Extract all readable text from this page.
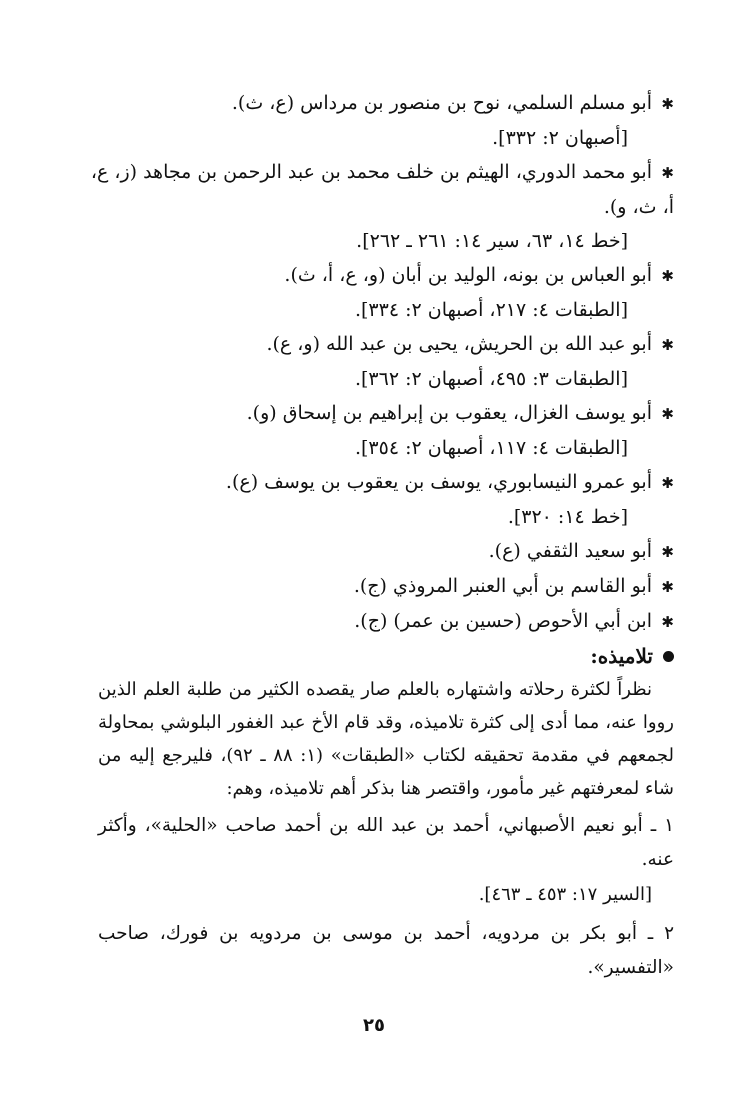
✱
أبو مسلم السلمي، نوح بن منصور بن مرداس (ع، ث).
[أصبهان ٢: ٣٣٢].
✱
أبو محمد الدوري، الهيثم بن خلف محمد بن عبد الرحمن بن مجاهد (ز، ع،
أ، ث، و).
[خط ١٤، ٦٣، سير ١٤: ٢٦١ ـ ٢٦٢].
✱
أبو العباس بن بونه، الوليد بن أبان (و، ع، أ، ث).
[الطبقات ٤: ٢١٧، أصبهان ٢: ٣٣٤].
✱
أبو عبد الله بن الحريش، يحيى بن عبد الله (و، ع).
[الطبقات ٣: ٤٩٥، أصبهان ٢: ٣٦٢].
✱
أبو يوسف الغزال، يعقوب بن إبراهيم بن إسحاق (و).
[الطبقات ٤: ١١٧، أصبهان ٢: ٣٥٤].
✱
أبو عمرو النيسابوري، يوسف بن يعقوب بن يوسف (ع).
[خط ١٤: ٣٢٠].
✱
أبو سعيد الثقفي (ع).
✱
أبو القاسم بن أبي العنبر المروذي (ج).
✱
ابن أبي الأحوص (حسين بن عمر) (ج).
تلاميذه:

نظراً لكثرة رحلاته واشتهاره بالعلم صار يقصده الكثير من طلبة العلم الذين رووا عنه، مما أدى إلى كثرة تلاميذه، وقد قام الأخ عبد الغفور البلوشي بمحاولة لجمعهم في مقدمة تحقيقه لكتاب «الطبقات» (١: ٨٨ ـ ٩٢)، فليرجع إليه من شاء لمعرفتهم غير مأمور، واقتصر هنا بذكر أهم تلاميذه، وهم:

١ ـ أبو نعيم الأصبهاني، أحمد بن عبد الله بن أحمد صاحب «الحلية»، وأكثر عنه.

[السير ١٧: ٤٥٣ ـ ٤٦٣].

٢ ـ أبو بكر بن مردويه، أحمد بن موسى بن مردويه بن فورك، صاحب «التفسير».

٢٥
